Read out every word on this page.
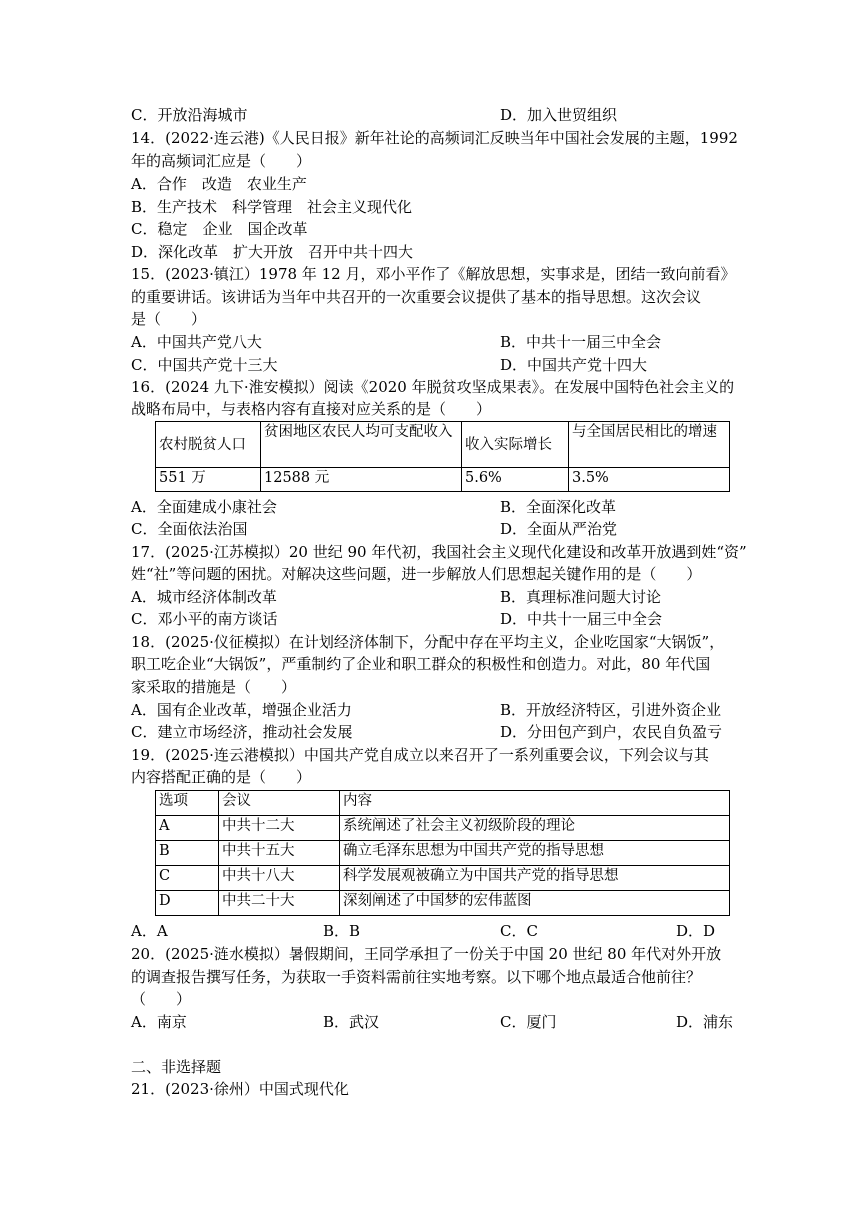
C．开放沿海城市	D．加入世贸组织
14．(2022·连云港)《人民日报》新年社论的高频词汇反映当年中国社会发展的主题，1992
年的高频词汇应是（　　）
A．合作　改造　农业生产
B．生产技术　科学管理　社会主义现代化
C．稳定　企业　国企改革
D．深化改革　扩大开放　召开中共十四大
15．(2023·镇江）1978 年 12 月，邓小平作了《解放思想，实事求是，团结一致向前看》
的重要讲话。该讲话为当年中共召开的一次重要会议提供了基本的指导思想。这次会议
是（　　）
A．中国共产党八大	B．中共十一届三中全会
C．中国共产党十三大	D．中国共产党十四大
16．(2024 九下·淮安模拟）阅读《2020 年脱贫攻坚成果表》。在发展中国特色社会主义的
战略布局中，与表格内容有直接对应关系的是（　　）
农村脱贫人口	贫困地区农民人均可支配收入	收入实际增长	与全国居民相比的增速
551 万	12588 元	5.6%	3.5%
A．全面建成小康社会	B．全面深化改革
C．全面依法治国	D．全面从严治党
17．(2025·江苏模拟）20 世纪 90 年代初，我国社会主义现代化建设和改革开放遇到姓“资”
姓“社”等问题的困扰。对解决这些问题，进一步解放人们思想起关键作用的是（　　）
A．城市经济体制改革	B．真理标准问题大讨论
C．邓小平的南方谈话	D．中共十一届三中全会
18．(2025·仪征模拟）在计划经济体制下，分配中存在平均主义，企业吃国家“大锅饭”，
职工吃企业“大锅饭”，严重制约了企业和职工群众的积极性和创造力。对此，80 年代国
家采取的措施是（　　）
A．国有企业改革，增强企业活力	B．开放经济特区，引进外资企业
C．建立市场经济，推动社会发展	D．分田包产到户，农民自负盈亏
19．(2025·连云港模拟）中国共产党自成立以来召开了一系列重要会议，下列会议与其
内容搭配正确的是（　　）
选项	会议	内容
A	中共十二大	系统阐述了社会主义初级阶段的理论
B	中共十五大	确立毛泽东思想为中国共产党的指导思想
C	中共十八大	科学发展观被确立为中国共产党的指导思想
D	中共二十大	深刻阐述了中国梦的宏伟蓝图
A．A	B．B	C．C	D．D
20．(2025·涟水模拟）暑假期间，王同学承担了一份关于中国 20 世纪 80 年代对外开放
的调查报告撰写任务，为获取一手资料需前往实地考察。以下哪个地点最适合他前往？
（　　）
A．南京	B．武汉	C．厦门	D．浦东
二、非选择题
21．(2023·徐州）中国式现代化
